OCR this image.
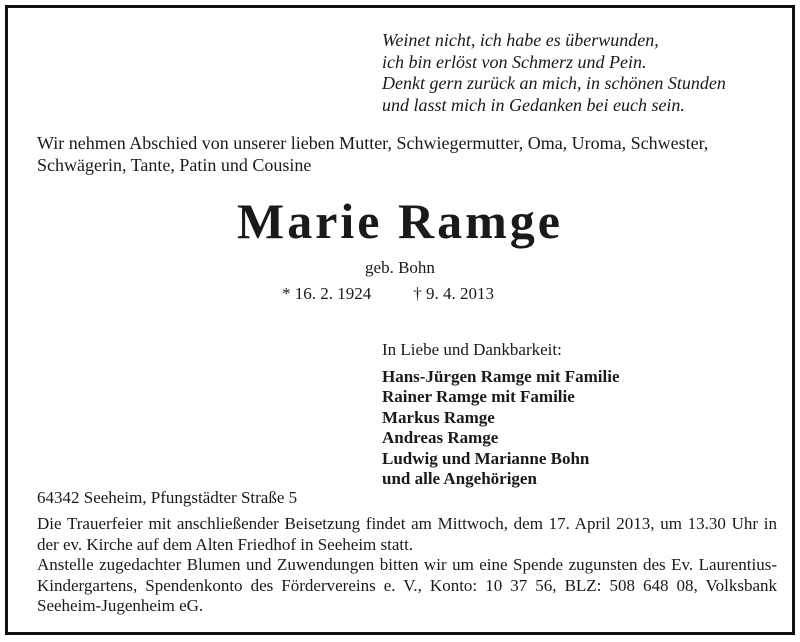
Weinet nicht, ich habe es überwunden,
ich bin erlöst von Schmerz und Pein.
Denkt gern zurück an mich, in schönen Stunden
und lasst mich in Gedanken bei euch sein.
Wir nehmen Abschied von unserer lieben Mutter, Schwiegermutter, Oma, Uroma, Schwester, Schwägerin, Tante, Patin und Cousine
Marie Ramge
geb. Bohn
* 16. 2. 1924 † 9. 4. 2013
In Liebe und Dankbarkeit:
Hans-Jürgen Ramge mit Familie
Rainer Ramge mit Familie
Markus Ramge
Andreas Ramge
Ludwig und Marianne Bohn
und alle Angehörigen
64342 Seeheim, Pfungstädter Straße 5

Die Trauerfeier mit anschließender Beisetzung findet am Mittwoch, dem 17. April 2013, um 13.30 Uhr in der ev. Kirche auf dem Alten Friedhof in Seeheim statt.

Anstelle zugedachter Blumen und Zuwendungen bitten wir um eine Spende zugunsten des Ev. Laurentius-Kindergartens, Spendenkonto des Fördervereins e. V., Konto: 10 37 56, BLZ: 508 648 08, Volksbank Seeheim-Jugenheim eG.
